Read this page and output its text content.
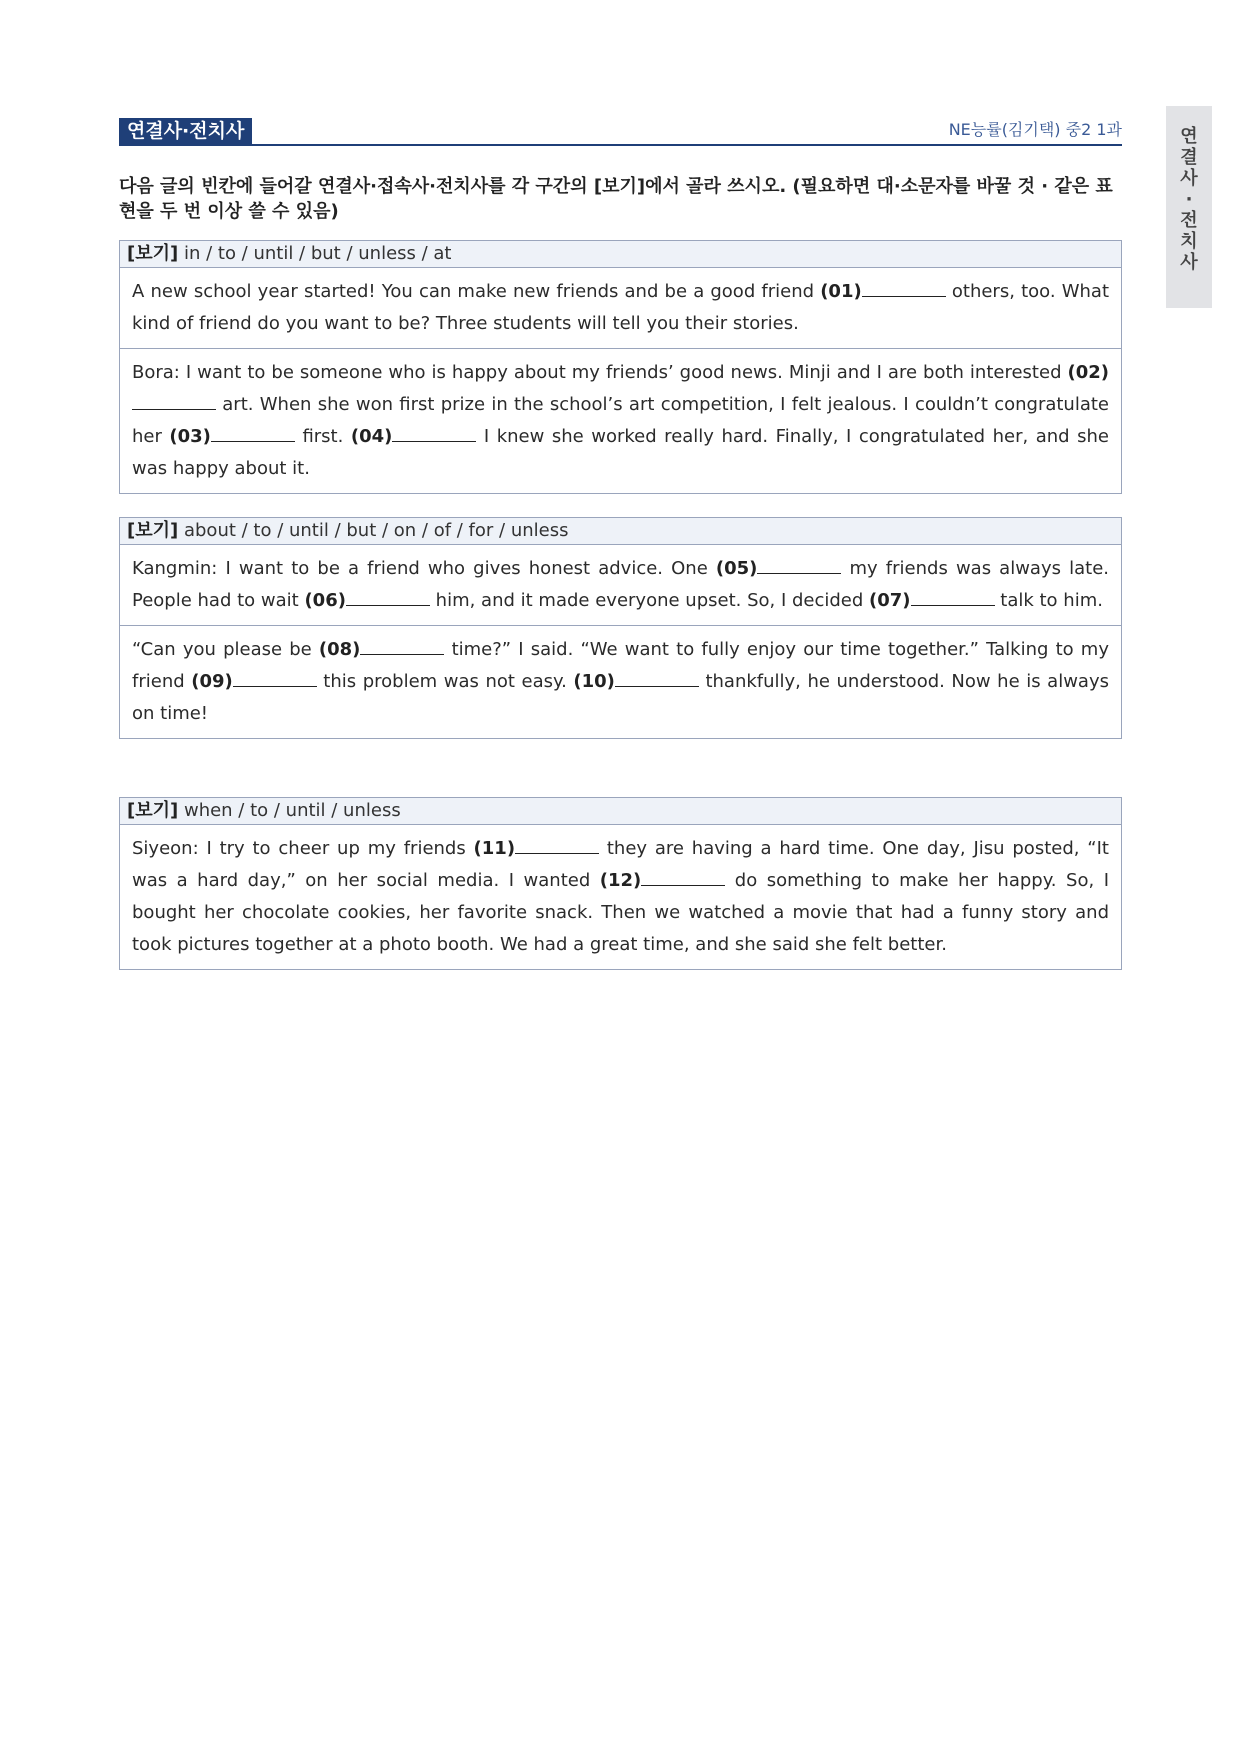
연결사·전치사	NE능률(김기택) 중2 1과	연
결
사
·
전
치
사
다음 글의 빈칸에 들어갈 연결사·접속사·전치사를 각 구간의 [보기]에서 골라 쓰시오. (필요하면 대·소문자를 바꿀 것 · 같은 표현을 두 번 이상 쓸 수 있음)
[보기] in / to / until / but / unless / at
A new school year started! You can make new friends and be a good friend (01)	others, too. What kind of friend do you want to be? Three students will tell you their stories.
Bora: I want to be someone who is happy about my friends’ good news. Minji and I are both interested (02) art. When she won first prize in the school’s art competition, I felt jealous. I couldn’t congratulate her (03)	first. (04)	I knew she worked really hard. Finally, I congratulated her, and she was happy about it.
[보기] about / to / until / but / on / of / for / unless
Kangmin: I want to be a friend who gives honest advice. One (05)	my friends was always late. People had to wait (06)	him, and it made everyone upset. So, I decided (07)	talk to him.
“Can you please be (08)	time?” I said. “We want to fully enjoy our time together.” Talking to my friend (09)	this problem was not easy. (10)	thankfully, he understood. Now he is always on time!
[보기] when / to / until / unless
Siyeon: I try to cheer up my friends (11)	they are having a hard time. One day, Jisu posted, “It was a hard day,” on her social media. I wanted (12)	do something to make her happy. So, I bought her chocolate cookies, her favorite snack. Then we watched a movie that had a funny story and took pictures together at a photo booth. We had a great time, and she said she felt better.
